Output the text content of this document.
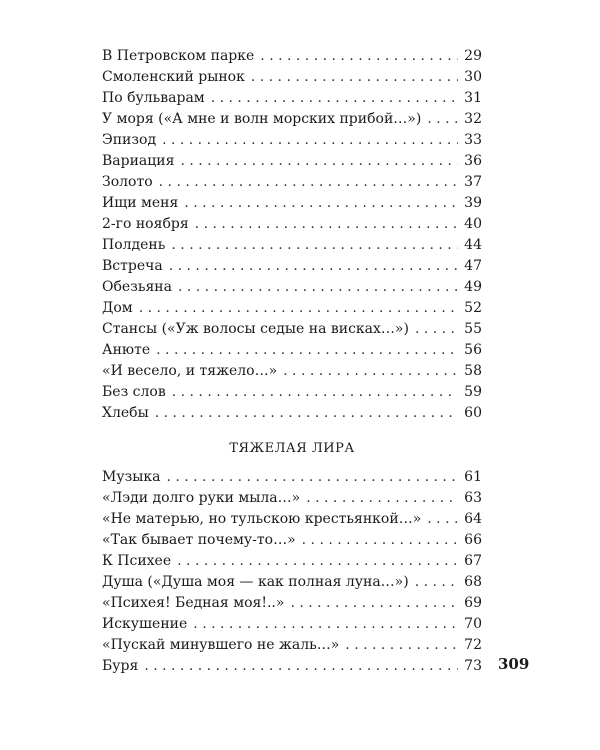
В Петровском парке . . .	29
Смоленский рынок . . .	30
По бульварам . . .	31
У моря («А мне и волн морских прибой…») . . .	32
Эпизод . . .	33
Вариация . . .	36
Золото . . .	37
Ищи меня . . .	39
2-го ноября . . .	40
Полдень . . .	44
Встреча . . .	47
Обезьяна . . .	49
Дом . . .	52
Стансы («Уж волосы седые на висках…») . . .	55
Анюте . . .	56
«И весело, и тяжело…» . . .	58
Без слов . . .	59
Хлебы . . .	60
ТЯЖЕЛАЯ ЛИРА
Музыка . . .	61
«Лэди долго руки мыла…» . . .	63
«Не матерью, но тульскою крестьянкой…» . . .	64
«Так бывает почему-то…» . . .	66
К Психее . . .	67
Душа («Душа моя — как полная луна…») . . .	68
«Психея! Бедная моя!..» . . .	69
Искушение . . .	70
«Пускай минувшего не жаль…» . . .	72
Буря . . .	73 309
